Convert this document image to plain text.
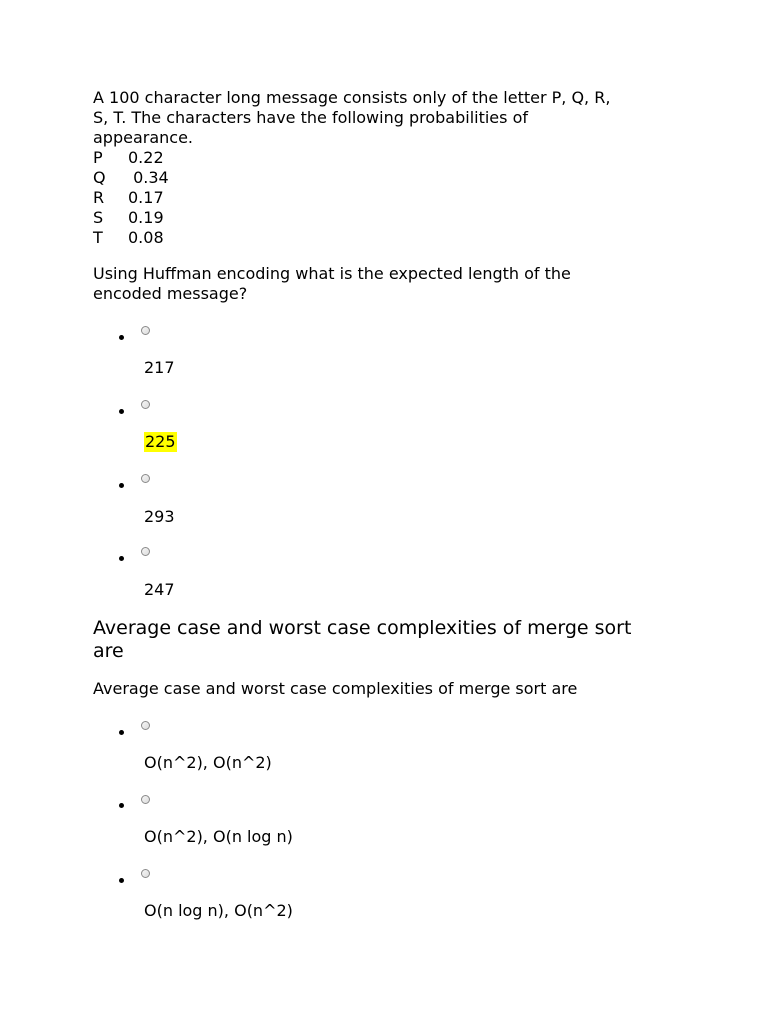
A 100 character long message consists only of the letter P, Q, R,

S, T. The characters have the following probabilities of

appearance.

P 0.22
Q 0.34
R 0.17
S 0.19
T 0.08

Using Huffman encoding what is the expected length of the

encoded message?

217
225
293
247
Average case and worst case complexities of merge sort
are

Average case and worst case complexities of merge sort are

O(n^2), O(n^2)
O(n^2), O(n log n)
O(n log n), O(n^2)
